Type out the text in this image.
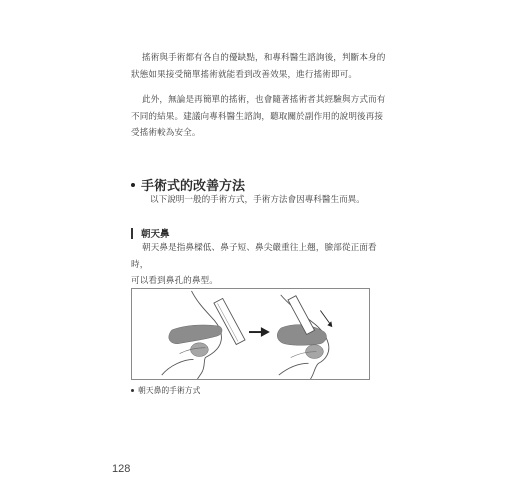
搖術與手術都有各自的優缺點，和專科醫生諮詢後，判斷本身的
狀態如果接受簡單搖術就能看到改善效果，進行搖術即可。

此外，無論是再簡單的搖術，也會隨著搖術者其經驗與方式而有
不同的結果。建議向專科醫生諮詢，聽取關於副作用的說明後再接
受搖術較為安全。

手術式的改善方法

以下說明一般的手術方式，手術方法會因專科醫生而異。

朝天鼻

朝天鼻是指鼻樑低、鼻子短、鼻尖嚴重往上翹，臉部從正面看時，
可以看到鼻孔的鼻型。

朝天鼻的手術方式
128
